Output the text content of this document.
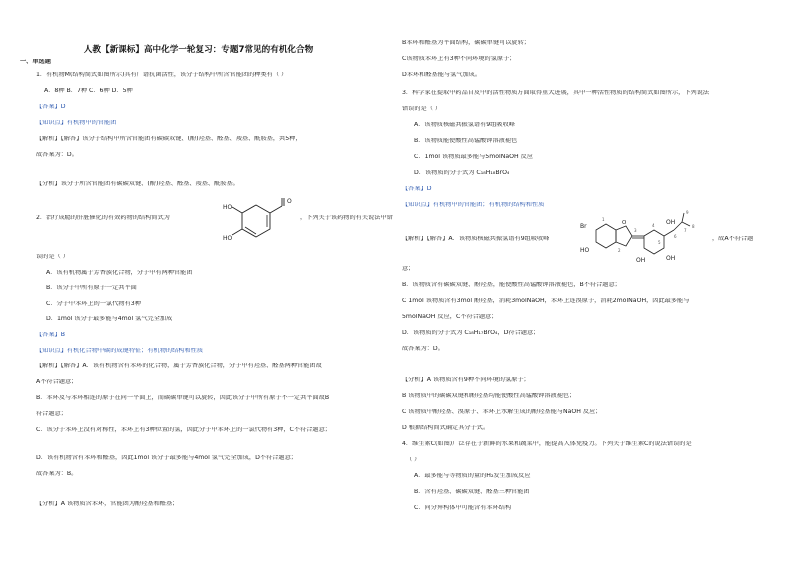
人教【新课标】高中化学一轮复习：专题7常见的有机化合物
一、单选题
1．有机物M(结构简式如图所示)具有广谱抗菌活性，该分子结构中所含官能团的种类有（ ）
A．8种 B．7种 C．6种 D．5种
【答案】D
【知识点】有机物中的官能团
【解析】【解答】该分子结构中所含官能团有碳碳双键、(酚)羟基、醛基、羧基、酰胺基，共5种，
故答案为：D。
【分析】该分子所含官能团有碳碳双键、(酚)羟基、醛基、羧基、酰胺基。
2．治疗成瘾的肝脏催化的有效药物的结构简式为
HO
HO
O
，下列关于该药物的有关说法中错
误的是（ ）
A．该有机物属于芳香族化合物，分子中有两种官能团
B．该分子中所有原子一定共平面
C．分子中苯环上的一氯代物有3种
D．1mol 该分子最多能与4mol 氢气完全加成
【答案】B
【知识点】有机化合物中碳的成键特征；有机物的结构和性质
【解析】【解答】A．该有机物含有苯环的化合物，属于芳香族化合物，分子中有羟基、醛基两种官能团故
A不符合题意；
B．苯环及与苯环相连的原子在同一平面上，而碳碳单键可以旋转，因此该分子中所有原子不一定共平面故B
符合题意；
C．该分子苯环上没有对称性，苯环上有3种位置的氢，因此分子中苯环上的一氯代物有3种，C不符合题意；
D．该有机物含有苯环和醛基，因此1mol 该分子最多能与4mol 氢气完全加成，D不符合题意；
故答案为：B。
【分析】A 该物质含苯环，官能团为酚羟基和醛基；
B苯环和醛基为平面结构，碳碳单键可以旋转；
C该物质苯环上有3种不同环境的氢原子；
D苯环和醛基能与氢气加成。
3．科学家在提取中药品自皮中的活性物质方面取得重大进展，其中一种活性物质的结构简式如图所示，下列说法
错误的是（ ）
A．该物质核磁共振氢谱有9组吸收峰
B．该物质能使酸性高锰酸钾溶液褪色
C．1mol 该物质最多能与5molNaOH 反应
D．该物质的分子式为 C₁₈H₁₈BrO₄
【答案】D
【知识点】有机物中的官能团；有机物的结构和性质
【解析】【解答】A．该物质核磁共振氢谱有9组吸收峰
Br
HO
O	OH
OH
OH
1
2
3
4
5
6
7
8
9
，故A不符合题
意；
B．该物质含有碳碳双键、酚羟基，能使酸性高锰酸钾溶液褪色，B不符合题意；
C 1mol 该物质含有3mol 酚羟基，消耗3molNaOH，苯环上连溴原子，消耗2molNaOH，因此最多能与
5molNaOH 反应，C不符合题意；
D．该物质的分子式为 C₁₈H₁₇BrO₄，D符合题意；
故答案为：D。
【分析】A 该物质含有9种不同环境的氢原子；
B 该物质中的碳碳双键和酚羟基均能使酸性高锰酸钾溶液褪色；
C 该物质中酚羟基、溴原子、苯环上水解生成的酚羟基能与NaOH 反应；
D 根据结构简式确定其分子式。
4．维生素C(如图)广泛存在于新鲜的水果和蔬菜中，能提高人体免疫力。下列关于维生素C的说法错误的是
（ ）
A．最多能与等物质的量的H₂发生加成反应
B．含有羟基、碳碳双键、醛基三种官能团
C．同分异构体中可能含有苯环结构
